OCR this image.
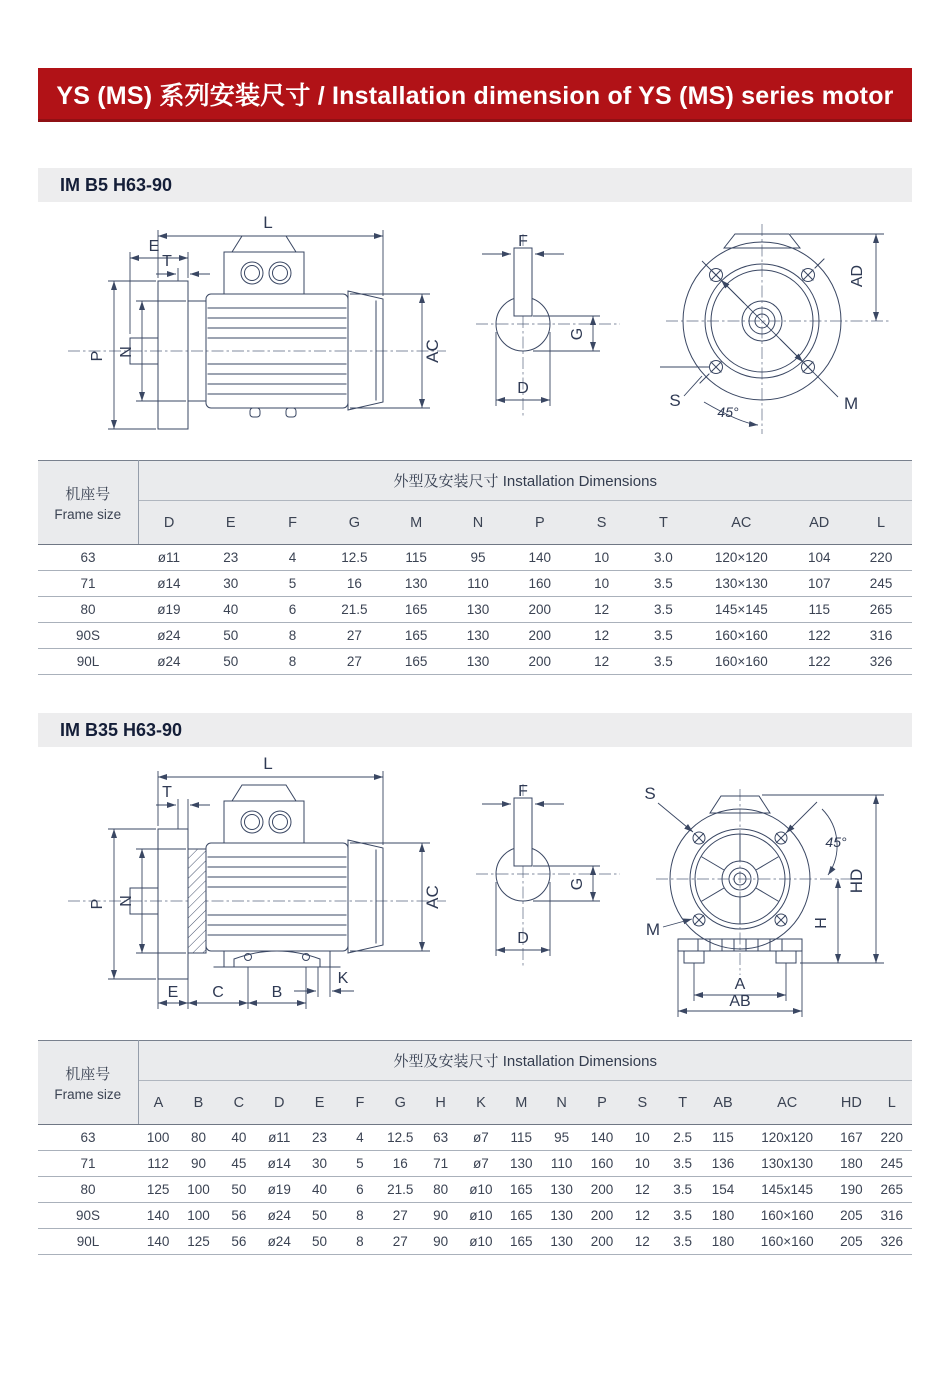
YS (MS) 系列安装尺寸 / Installation dimension of YS (MS) series motor
IM B5 H63-90
L
E
T
P N	AC
F
G
D
M
S
45°
AD
机座号
Frame size	外型及安装尺寸 Installation Dimensions											
	D	E	F	G	M	N	P	S	T	AC	AD	L
63	ø11	23	4	12.5	115	95	140	10	3.0	120×120	104	220
71	ø14	30	5	16	130	110	160	10	3.5	130×130	107	245
80	ø19	40	6	21.5	165	130	200	12	3.5	145×145	115	265
90S	ø24	50	8	27	165	130	200	12	3.5	160×160	122	316
90L	ø24	50	8	27	165	130	200	12	3.5	160×160	122	326
IM B35 H63-90
L
T
P N	AC
K
E C	B
F
G
D
S
M
45°
H
HD
A
AB
机座号
Frame size	外型及安装尺寸 Installation Dimensions																	
	A	B	C	D	E	F	G	H	K	M	N	P	S	T	AB	AC	HD	L
63	100	80	40	ø11	23	4	12.5	63	ø7	115	95	140	10	2.5	115	120x120	167	220
71	112	90	45	ø14	30	5	16	71	ø7	130	110	160	10	3.5	136	130x130	180	245
80	125	100	50	ø19	40	6	21.5	80	ø10	165	130	200	12	3.5	154	145x145	190	265
90S	140	100	56	ø24	50	8	27	90	ø10	165	130	200	12	3.5	180	160×160	205	316
90L	140	125	56	ø24	50	8	27	90	ø10	165	130	200	12	3.5	180	160×160	205	326
